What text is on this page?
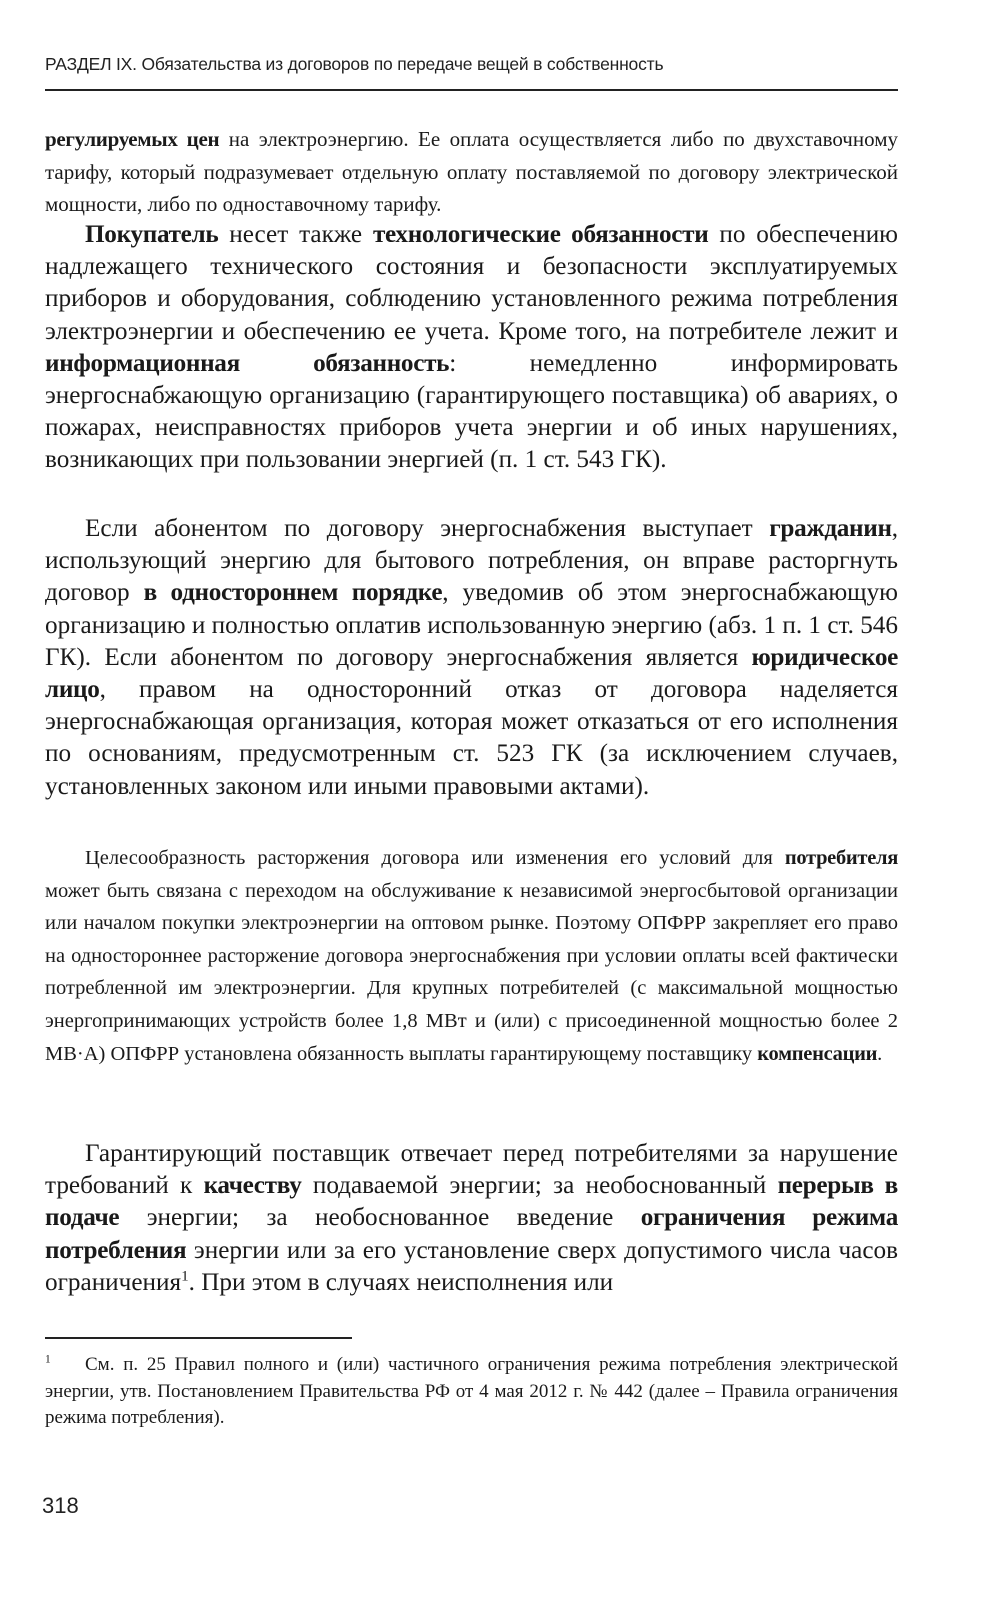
РАЗДЕЛ IX. Обязательства из договоров по передаче вещей в собственность

регулируемых цен на электроэнергию. Ее оплата осуществляется либо по двухставочному тарифу, который подразумевает отдельную оплату поставляемой по договору электрической мощности, либо по одноставочному тарифу.

Покупатель несет также технологические обязанности по обеспечению надлежащего технического состояния и безопасности эксплуатируемых приборов и оборудования, соблюдению установленного режима потребления электроэнергии и обеспечению ее учета. Кроме того, на потребителе лежит и информационная обязанность: немедленно информировать энергоснабжающую организацию (гарантирующего поставщика) об авариях, о пожарах, неисправностях приборов учета энергии и об иных нарушениях, возникающих при пользовании энергией (п. 1 ст. 543 ГК).

Если абонентом по договору энергоснабжения выступает гражданин, использующий энергию для бытового потребления, он вправе расторгнуть договор в одностороннем порядке, уведомив об этом энергоснабжающую организацию и полностью оплатив использованную энергию (абз. 1 п. 1 ст. 546 ГК). Если абонентом по договору энергоснабжения является юридическое лицо, правом на односторонний отказ от договора наделяется энергоснабжающая организация, которая может отказаться от его исполнения по основаниям, предусмотренным ст. 523 ГК (за исключением случаев, установленных законом или иными правовыми актами).

Целесообразность расторжения договора или изменения его условий для потребителя может быть связана с переходом на обслуживание к независимой энергосбытовой организации или началом покупки электроэнергии на оптовом рынке. Поэтому ОПФРР закрепляет его право на одностороннее расторжение договора энергоснабжения при условии оплаты всей фактически потребленной им электроэнергии. Для крупных потребителей (с максимальной мощностью энергопринимающих устройств более 1,8 МВт и (или) с присоединенной мощностью более 2 МВ·А) ОПФРР установлена обязанность выплаты гарантирующему поставщику компенсации.

Гарантирующий поставщик отвечает перед потребителями за нарушение требований к качеству подаваемой энергии; за необоснованный перерыв в подаче энергии; за необоснованное введение ограничения режима потребления энергии или за его установление сверх допустимого числа часов ограничения$^1$. При этом в случаях неисполнения или

$^1$ См. п. 25 Правил полного и (или) частичного ограничения режима потребления электрической энергии, утв. Постановлением Правительства РФ от 4 мая 2012 г. № 442 (далее – Правила ограничения режима потребления).
318
